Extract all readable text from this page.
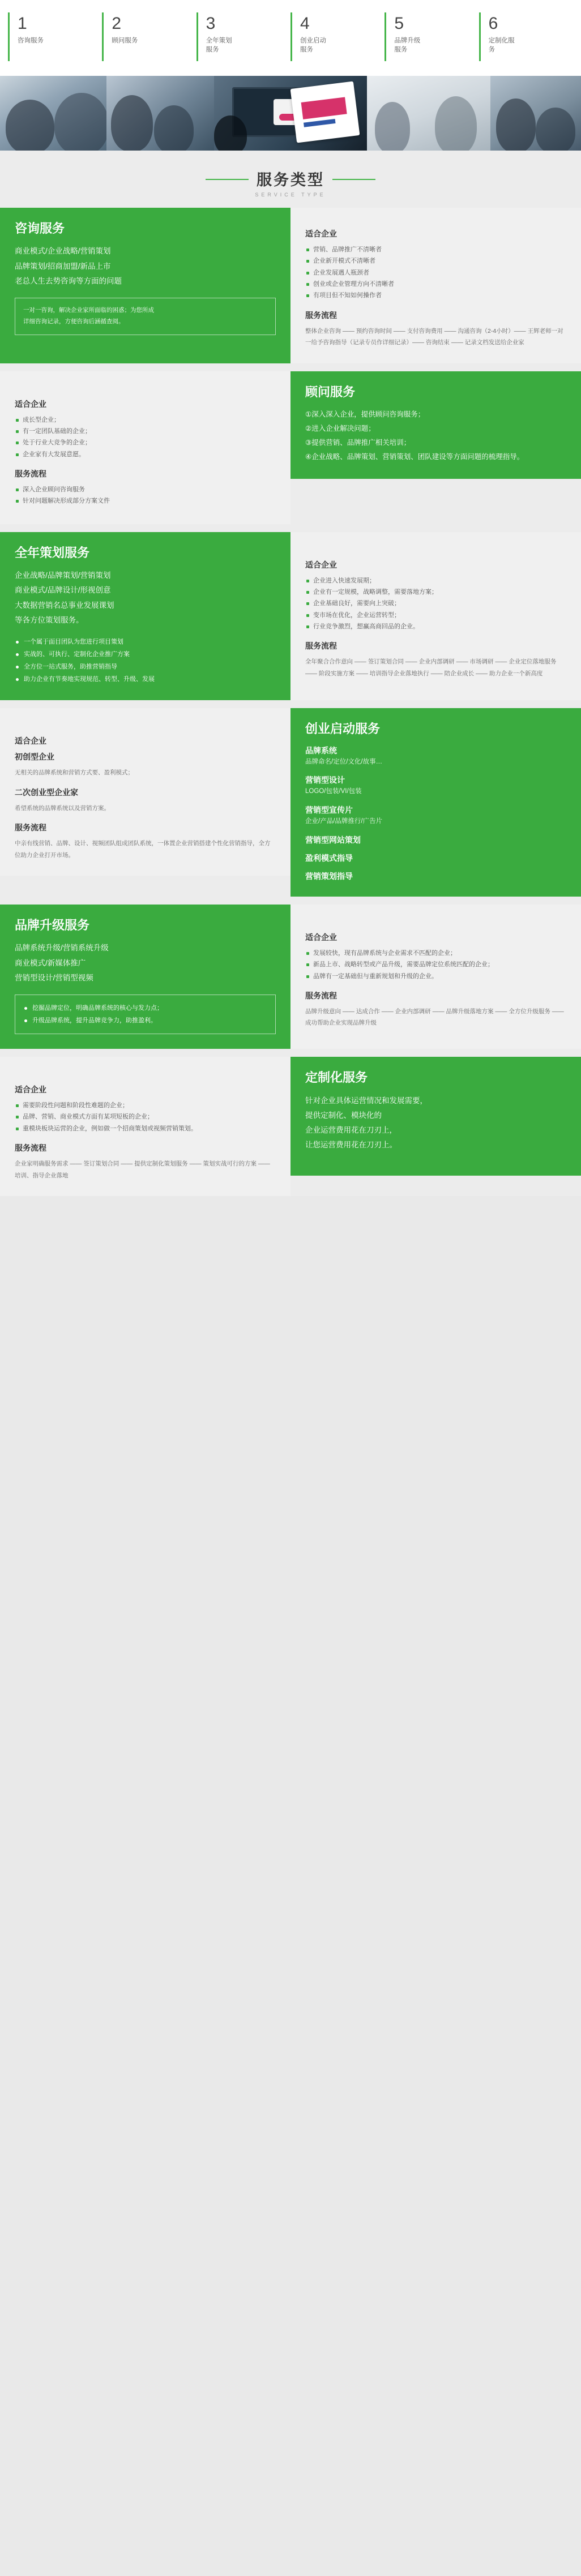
1
咨询服务
2
顾问服务
3
全年策划服务
4
创业启动服务
5
品牌升级服务
6
定制化服务
服务类型
SERVICE TYPE
咨询服务
商业模式/企业战略/营销策划
品牌策划/招商加盟/新品上市
老总人生去势咨询等方面的问题
一对一咨询，解决企业家所面临的困惑；为您所成
详细咨询记录，方便咨询后涵循查阅。
适合企业
营销、品牌推广不清晰者
企业新开模式不清晰者
企业发展遇人瓶颈者
创业或企业管理方向不清晰者
有项目但不知如何操作者
服务流程

整体企业咨询 —— 预约咨询时间 —— 支付咨询费用 —— 沟通咨询（2-4小时）—— 王辉老师一对一给予咨询指导（记录专员作详细记录）—— 咨询结束 —— 记录文档发送给企业家

适合企业
成长型企业；
有一定团队基础的企业；
处于行业大竞争的企业；
企业家有大发展意愿。
服务流程
深入企业顾问咨询服务
针对问题解决形成部分方案文件
顾问服务
①深入深入企业，提供顾问咨询服务；
②进入企业解决问题；
③提供营销、品牌推广相关培训；
④企业战略、品牌策划、营销策划、团队建设等方面问题的梳理指导。
全年策划服务
企业战略/品牌策划/营销策划
商业模式/品牌设计/形视创意
大数据营销名总事业发展课划
等各方位策划服务。
一个属于面目团队为您进行项目策划
实战的、可执行、定制化企业推广方案
全方位一站式服务，助推营销指导
助力企业有节奏地实现规范、转型、升级、发展
适合企业
企业进入快速发展期；
企业有一定规模，战略调整，需要落地方案；
企业基础良好，需要向上突破；
变市场在优化，企业运营转型；
行业竞争激烈，想赢高商回品的企业。
服务流程

全年聚合合作意向 —— 签订策划合同 —— 企业内部调研 —— 市场调研 —— 企业定位落地服务 —— 阶段实施方案 —— 培训指导企业落地执行 —— 陪企业成长 —— 助力企业一个新高度

适合企业
初创型企业

无相关的品牌系统和营销方式要、盈利模式；

二次创业型企业家

希望系统的品牌系统以及营销方案。

服务流程

中亲有线营销、品牌、设计、视频团队组成团队系统，一体置企业营销搭建个性化营销指导，全方位助力企业打开市场。

创业启动服务
品牌系统
品牌命名/定位/文化/故事…
营销型设计
LOGO/包装/VI/包装
营销型宣传片
企业/产品/品牌推行/广告片
营销型网站策划
盈利模式指导
营销策划指导
品牌升级服务
品牌系统升级/营销系统升级
商业模式/新媒体推广
营销型设计/营销型视频
挖掘品牌定位，明确品牌系统的核心与发力点；
升级品牌系统，提升品牌竞争力，助推盈利。
适合企业
发展较快，现有品牌系统与企业需求不匹配的企业；
新品上市、战略转型或产品升级，需要品牌定位系统匹配的企业；
品牌有一定基础但与重新规划和升级的企业。
服务流程

品牌升级意向 —— 达成合作 —— 企业内部调研 —— 品牌升级落地方案 —— 全方位升级服务 —— 成功帮助企业实现品牌升级

适合企业
需要阶段性问题和阶段性难题的企业；
品牌、营销、商业模式方面有某项短板的企业；
重模块板块运营的企业，例如做一个招商策划或视频营销策划。
服务流程

企业家明确服务需求 —— 签订策划合同 —— 提供定制化策划服务 —— 策划实战可行的方案 —— 培训、指导企业落地

定制化服务
针对企业具体运营情况和发展需要，
提供定制化、模块化的
企业运营费用花在刀刃上，
让您运营费用花在刀刃上。
